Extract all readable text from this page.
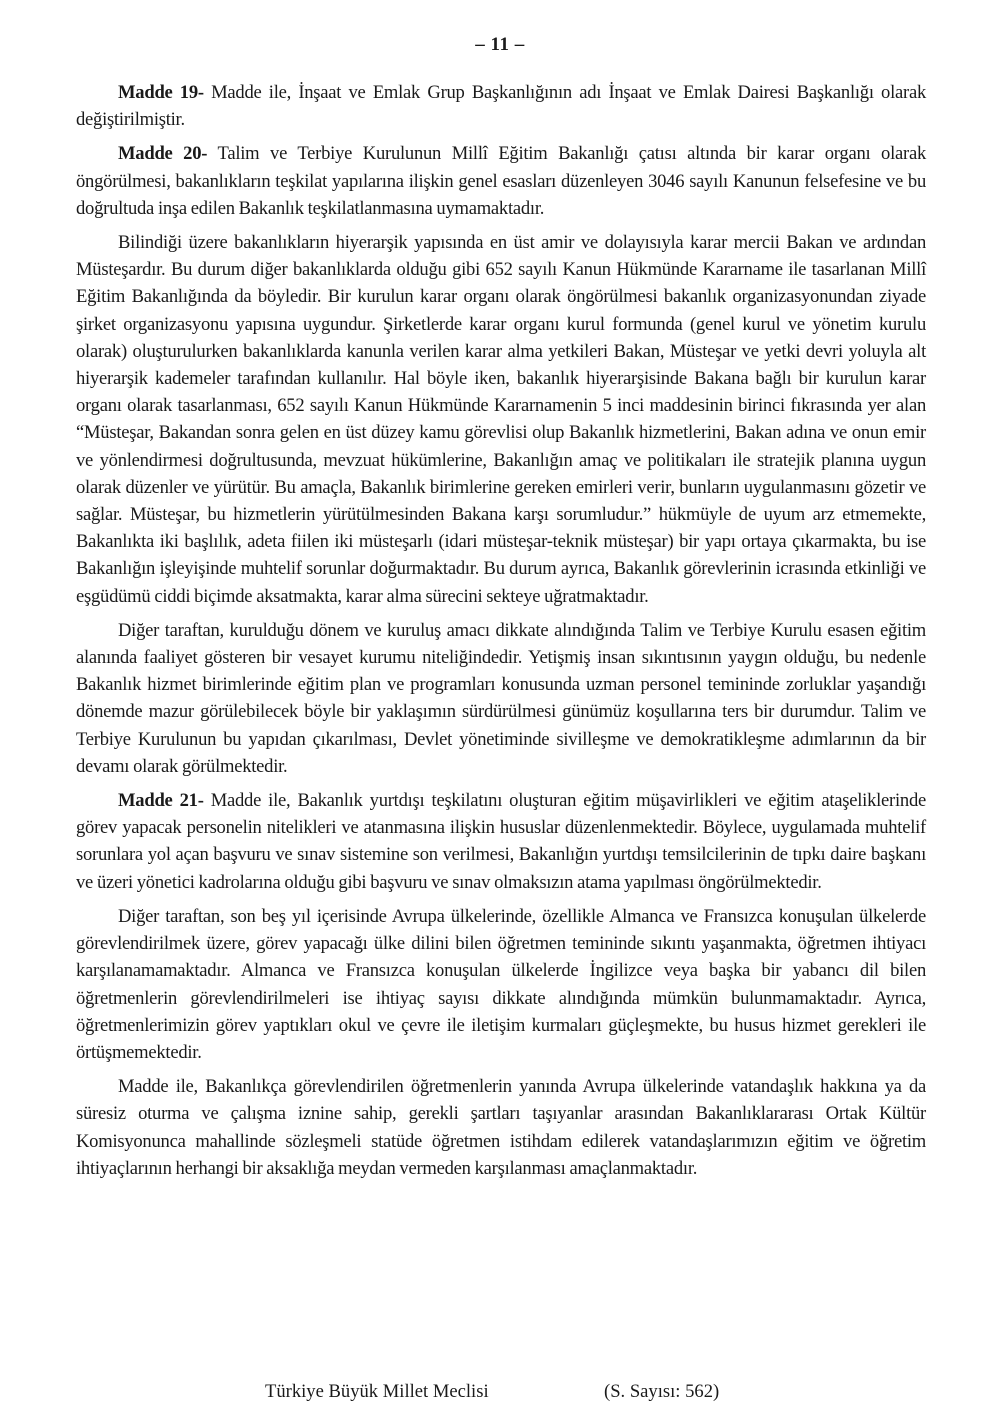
– 11 –

Madde 19- Madde ile, İnşaat ve Emlak Grup Başkanlığının adı İnşaat ve Emlak Dairesi Başkanlığı olarak değiştirilmiştir.

Madde 20- Talim ve Terbiye Kurulunun Millî Eğitim Bakanlığı çatısı altında bir karar organı olarak öngörülmesi, bakanlıkların teşkilat yapılarına ilişkin genel esasları düzenleyen 3046 sayılı Kanunun felsefesine ve bu doğrultuda inşa edilen Bakanlık teşkilatlanmasına uymamaktadır.

Bilindiği üzere bakanlıkların hiyerarşik yapısında en üst amir ve dolayısıyla karar mercii Bakan ve ardından Müsteşardır. Bu durum diğer bakanlıklarda olduğu gibi 652 sayılı Kanun Hükmünde Kararname ile tasarlanan Millî Eğitim Bakanlığında da böyledir. Bir kurulun karar organı olarak öngörülmesi bakanlık organizasyonundan ziyade şirket organizasyonu yapısına uygundur. Şirketlerde karar organı kurul formunda (genel kurul ve yönetim kurulu olarak) oluşturulurken bakanlıklarda kanunla verilen karar alma yetkileri Bakan, Müsteşar ve yetki devri yoluyla alt hiyerarşik kademeler tarafından kullanılır. Hal böyle iken, bakanlık hiyerarşisinde Bakana bağlı bir kurulun karar organı olarak tasarlanması, 652 sayılı Kanun Hükmünde Kararnamenin 5 inci maddesinin birinci fıkrasında yer alan “Müsteşar, Bakandan sonra gelen en üst düzey kamu görevlisi olup Bakanlık hizmetlerini, Bakan adına ve onun emir ve yönlendirmesi doğrultusunda, mevzuat hükümlerine, Bakanlığın amaç ve politikaları ile stratejik planına uygun olarak düzenler ve yürütür. Bu amaçla, Bakanlık birimlerine gereken emirleri verir, bunların uygulanmasını gözetir ve sağlar. Müsteşar, bu hizmetlerin yürütülmesinden Bakana karşı sorumludur.” hükmüyle de uyum arz etmemekte, Bakanlıkta iki başlılık, adeta fiilen iki müsteşarlı (idari müsteşar-teknik müsteşar) bir yapı ortaya çıkarmakta, bu ise Bakanlığın işleyişinde muhtelif sorunlar doğurmaktadır. Bu durum ayrıca, Bakanlık görevlerinin icrasında etkinliği ve eşgüdümü ciddi biçimde aksatmakta, karar alma sürecini sekteye uğratmaktadır.

Diğer taraftan, kurulduğu dönem ve kuruluş amacı dikkate alındığında Talim ve Terbiye Kurulu esasen eğitim alanında faaliyet gösteren bir vesayet kurumu niteliğindedir. Yetişmiş insan sıkıntısının yaygın olduğu, bu nedenle Bakanlık hizmet birimlerinde eğitim plan ve programları konusunda uzman personel temininde zorluklar yaşandığı dönemde mazur görülebilecek böyle bir yaklaşımın sürdürülmesi günümüz koşullarına ters bir durumdur. Talim ve Terbiye Kurulunun bu yapıdan çıkarılması, Devlet yönetiminde sivilleşme ve demokratikleşme adımlarının da bir devamı olarak görülmektedir.

Madde 21- Madde ile, Bakanlık yurtdışı teşkilatını oluşturan eğitim müşavirlikleri ve eğitim ataşeliklerinde görev yapacak personelin nitelikleri ve atanmasına ilişkin hususlar düzenlenmektedir. Böylece, uygulamada muhtelif sorunlara yol açan başvuru ve sınav sistemine son verilmesi, Bakanlığın yurtdışı temsilcilerinin de tıpkı daire başkanı ve üzeri yönetici kadrolarına olduğu gibi başvuru ve sınav olmaksızın atama yapılması öngörülmektedir.

Diğer taraftan, son beş yıl içerisinde Avrupa ülkelerinde, özellikle Almanca ve Fransızca konuşulan ülkelerde görevlendirilmek üzere, görev yapacağı ülke dilini bilen öğretmen temininde sıkıntı yaşanmakta, öğretmen ihtiyacı karşılanamamaktadır. Almanca ve Fransızca konuşulan ülkelerde İngilizce veya başka bir yabancı dil bilen öğretmenlerin görevlendirilmeleri ise ihtiyaç sayısı dikkate alındığında mümkün bulunmamaktadır. Ayrıca, öğretmenlerimizin görev yaptıkları okul ve çevre ile iletişim kurmaları güçleşmekte, bu husus hizmet gerekleri ile örtüşmemektedir.

Madde ile, Bakanlıkça görevlendirilen öğretmenlerin yanında Avrupa ülkelerinde vatandaşlık hakkına ya da süresiz oturma ve çalışma iznine sahip, gerekli şartları taşıyanlar arasından Bakanlıklararası Ortak Kültür Komisyonunca mahallinde sözleşmeli statüde öğretmen istihdam edilerek vatandaşlarımızın eğitim ve öğretim ihtiyaçlarının herhangi bir aksaklığa meydan vermeden karşılanması amaçlanmaktadır.

Türkiye Büyük Millet Meclisi	(S. Sayısı: 562)
